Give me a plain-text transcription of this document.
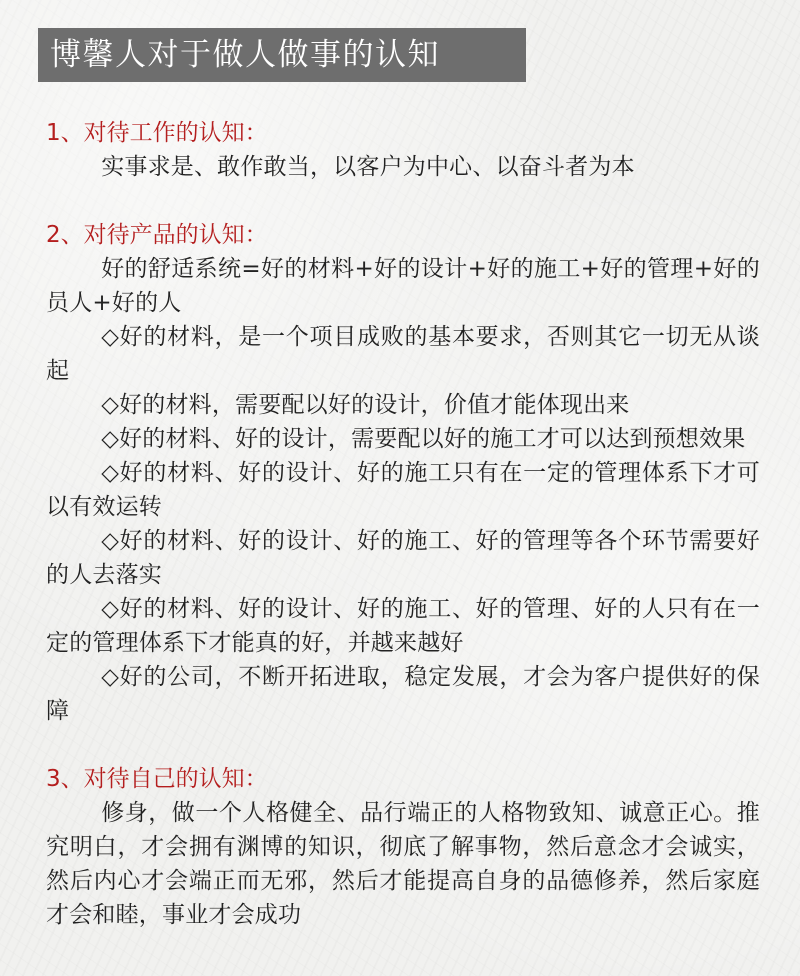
博馨人对于做人做事的认知
1、对待工作的认知：
实事求是、敢作敢当，以客户为中心、以奋斗者为本
2、对待产品的认知：
好的舒适系统=好的材料+好的设计+好的施工+好的管理+好的员人+好的人
◇好的材料，是一个项目成败的基本要求，否则其它一切无从谈起
◇好的材料，需要配以好的设计，价值才能体现出来
◇好的材料、好的设计，需要配以好的施工才可以达到预想效果
◇好的材料、好的设计、好的施工只有在一定的管理体系下才可以有效运转
◇好的材料、好的设计、好的施工、好的管理等各个环节需要好的人去落实
◇好的材料、好的设计、好的施工、好的管理、好的人只有在一定的管理体系下才能真的好，并越来越好
◇好的公司，不断开拓进取，稳定发展，才会为客户提供好的保障
3、对待自己的认知：
修身，做一个人格健全、品行端正的人格物致知、诚意正心。推究明白，才会拥有渊博的知识，彻底了解事物，然后意念才会诚实，然后内心才会端正而无邪，然后才能提高自身的品德修养，然后家庭才会和睦，事业才会成功
